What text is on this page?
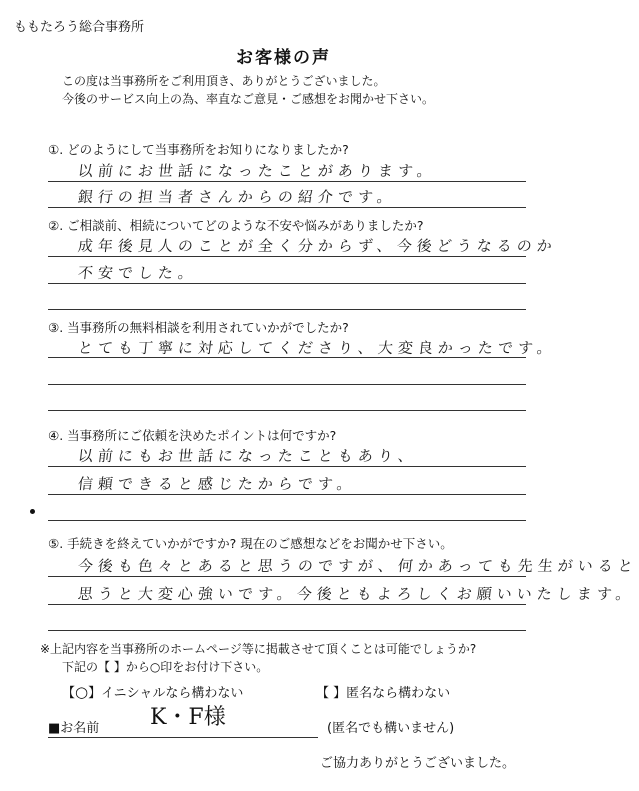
ももたろう総合事務所
お客様の声
この度は当事務所をご利用頂き、ありがとうございました。
今後のサービス向上の為、率直なご意見・ご感想をお聞かせ下さい。
①. どのようにして当事務所をお知りになりましたか?
以前にお世話になったことがあります。
銀行の担当者さんからの紹介です。
②. ご相談前、相続についてどのような不安や悩みがありましたか?
成年後見人のことが全く分からず、今後どうなるのか
不安でした。
③. 当事務所の無料相談を利用されていかがでしたか?
とても丁寧に対応してくださり、大変良かったです。
④. 当事務所にご依頼を決めたポイントは何ですか?
以前にもお世話になったこともあり、
信頼できると感じたからです。
⑤. 手続きを終えていかがですか? 現在のご感想などをお聞かせ下さい。
今後も色々とあると思うのですが、何かあっても先生がいると
思うと大変心強いです。今後ともよろしくお願いいたします。
※上記内容を当事務所のホームページ等に掲載させて頂くことは可能でしょうか?
下記の【 】から○印をお付け下さい。
【○】イニシャルなら構わない	【 】匿名なら構わない
■お名前 K・F様	(匿名でも構いません)
ご協力ありがとうございました。
